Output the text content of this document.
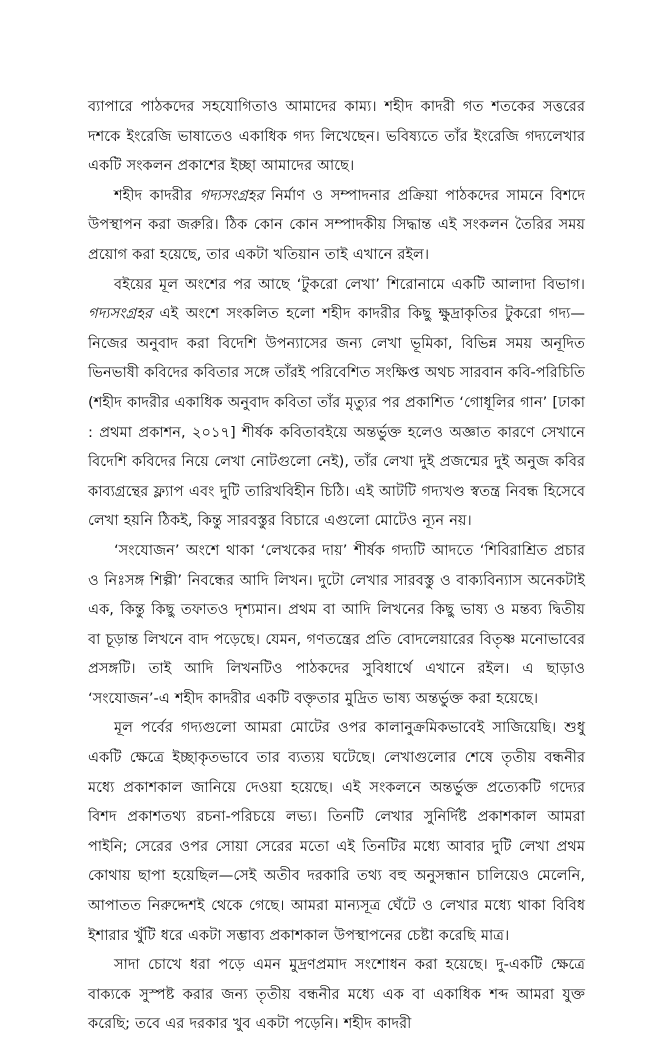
ব্যাপারে পাঠকদের সহযোগিতাও আমাদের কাম্য। শহীদ কাদরী গত শতকের সত্তরের দশকে ইংরেজি ভাষাতেও একাধিক গদ্য লিখেছেন। ভবিষ্যতে তাঁর ইংরেজি গদ্যলেখার একটি সংকলন প্রকাশের ইচ্ছা আমাদের আছে।

শহীদ কাদরীর গদ্যসংগ্রহর নির্মাণ ও সম্পাদনার প্রক্রিয়া পাঠকদের সামনে বিশদে উপস্থাপন করা জরুরি। ঠিক কোন কোন সম্পাদকীয় সিদ্ধান্ত এই সংকলন তৈরির সময় প্রয়োগ করা হয়েছে, তার একটা খতিয়ান তাই এখানে রইল।

বইয়ের মূল অংশের পর আছে ‘টুকরো লেখা’ শিরোনামে একটি আলাদা বিভাগ। গদ্যসংগ্রহর এই অংশে সংকলিত হলো শহীদ কাদরীর কিছু ক্ষুদ্রাকৃতির টুকরো গদ্য—নিজের অনুবাদ করা বিদেশি উপন্যাসের জন্য লেখা ভূমিকা, বিভিন্ন সময় অনূদিত ভিনভাষী কবিদের কবিতার সঙ্গে তাঁরই পরিবেশিত সংক্ষিপ্ত অথচ সারবান কবি-পরিচিতি (শহীদ কাদরীর একাধিক অনুবাদ কবিতা তাঁর মৃত্যুর পর প্রকাশিত ‘গোধূলির গান’ [ঢাকা : প্রথমা প্রকাশন, ২০১৭] শীর্ষক কবিতাবইয়ে অন্তর্ভুক্ত হলেও অজ্ঞাত কারণে সেখানে বিদেশি কবিদের নিয়ে লেখা নোটগুলো নেই), তাঁর লেখা দুই প্রজন্মের দুই অনুজ কবির কাব্যগ্রন্থের ফ্ল্যাপ এবং দুটি তারিখবিহীন চিঠি। এই আটটি গদ্যখণ্ড স্বতন্ত্র নিবন্ধ হিসেবে লেখা হয়নি ঠিকই, কিন্তু সারবস্তুর বিচারে এগুলো মোটেও ন্যূন নয়।

‘সংযোজন’ অংশে থাকা ‘লেখকের দায়’ শীর্ষক গদ্যটি আদতে ‘শিবিরাশ্রিত প্রচার ও নিঃসঙ্গ শিল্পী’ নিবন্ধের আদি লিখন। দুটো লেখার সারবস্তু ও বাক্যবিন্যাস অনেকটাই এক, কিন্তু কিছু তফাতও দৃশ্যমান। প্রথম বা আদি লিখনের কিছু ভাষ্য ও মন্তব্য দ্বিতীয় বা চূড়ান্ত লিখনে বাদ পড়েছে। যেমন, গণতন্ত্রের প্রতি বোদলেয়ারের বিতৃষ্ণ মনোভাবের প্রসঙ্গটি। তাই আদি লিখনটিও পাঠকদের সুবিধার্থে এখানে রইল। এ ছাড়াও ‘সংযোজন’-এ শহীদ কাদরীর একটি বক্তৃতার মুদ্রিত ভাষ্য অন্তর্ভুক্ত করা হয়েছে।

মূল পর্বের গদ্যগুলো আমরা মোটের ওপর কালানুক্রমিকভাবেই সাজিয়েছি। শুধু একটি ক্ষেত্রে ইচ্ছাকৃতভাবে তার ব্যত্যয় ঘটেছে। লেখাগুলোর শেষে তৃতীয় বন্ধনীর মধ্যে প্রকাশকাল জানিয়ে দেওয়া হয়েছে। এই সংকলনে অন্তর্ভুক্ত প্রত্যেকটি গদ্যের বিশদ প্রকাশতথ্য রচনা-পরিচয়ে লভ্য। তিনটি লেখার সুনির্দিষ্ট প্রকাশকাল আমরা পাইনি; সেরের ওপর সোয়া সেরের মতো এই তিনটির মধ্যে আবার দুটি লেখা প্রথম কোথায় ছাপা হয়েছিল—সেই অতীব দরকারি তথ্য বহু অনুসন্ধান চালিয়েও মেলেনি, আপাতত নিরুদ্দেশই থেকে গেছে। আমরা মান্যসূত্র ঘেঁটে ও লেখার মধ্যে থাকা বিবিধ ইশারার খুঁটি ধরে একটা সম্ভাব্য প্রকাশকাল উপস্থাপনের চেষ্টা করেছি মাত্র।

সাদা চোখে ধরা পড়ে এমন মুদ্রণপ্রমাদ সংশোধন করা হয়েছে। দু-একটি ক্ষেত্রে বাক্যকে সুস্পষ্ট করার জন্য তৃতীয় বন্ধনীর মধ্যে এক বা একাধিক শব্দ আমরা যুক্ত করেছি; তবে এর দরকার খুব একটা পড়েনি। শহীদ কাদরী
